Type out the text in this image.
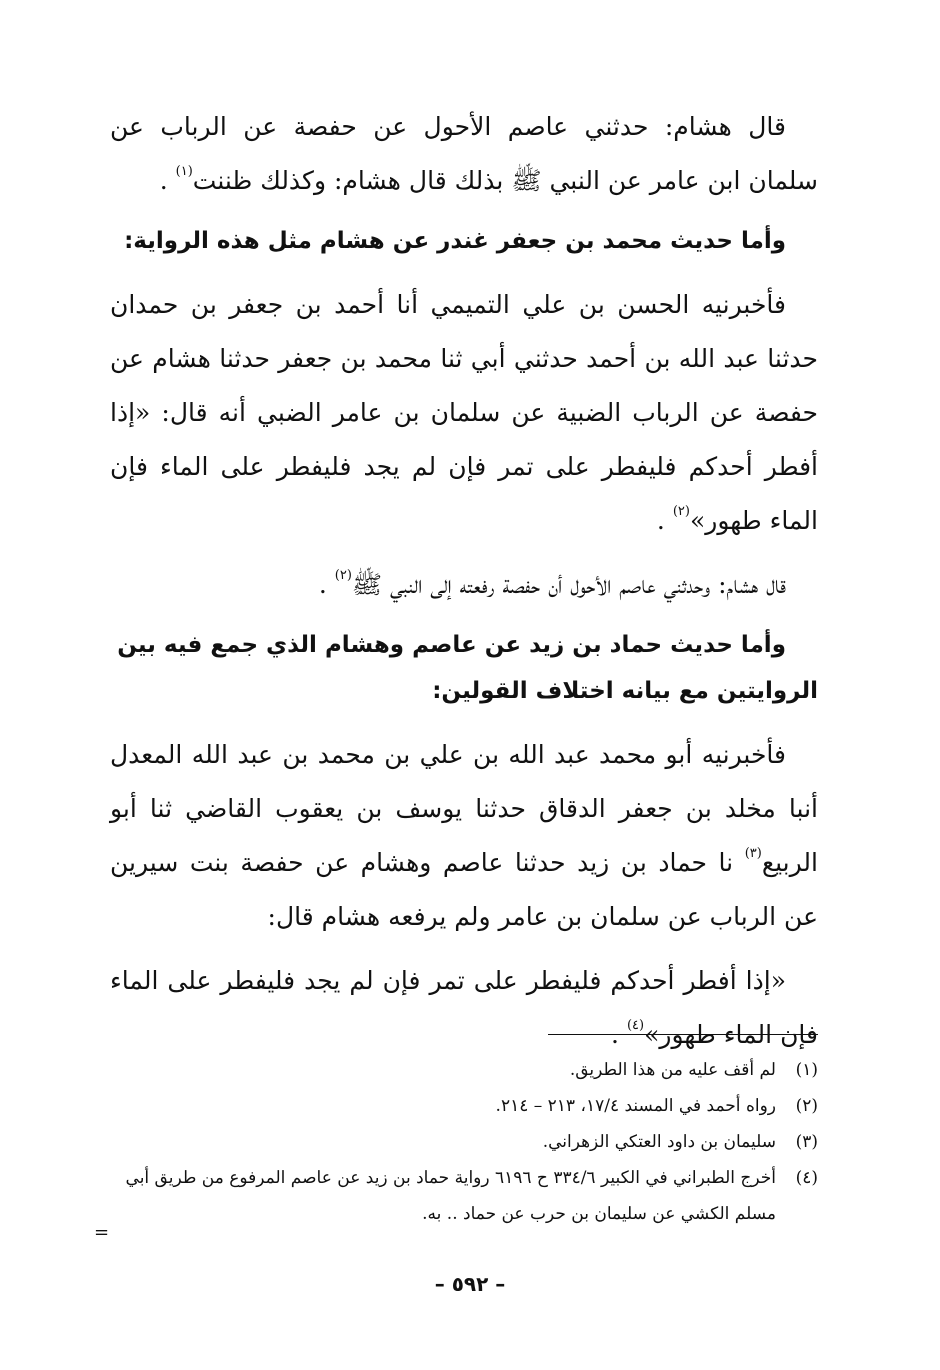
قال هشام: حدثني عاصم الأحول عن حفصة عن الرباب عن سلمان ابن عامر عن النبي ﷺ بذلك قال هشام: وكذلك ظننت$^{(١)}$ .

وأما حديث محمد بن جعفر غندر عن هشام مثل هذه الرواية:

فأخبرنيه الحسن بن علي التميمي أنا أحمد بن جعفر بن حمدان حدثنا عبد الله بن أحمد حدثني أبي ثنا محمد بن جعفر حدثنا هشام عن حفصة عن الرباب الضبية عن سلمان بن عامر الضبي أنه قال: «إذا أفطر أحدكم فليفطر على تمر فإن لم يجد فليفطر على الماء فإن الماء طهور»$^{(٢)}$ .

قال هشام: وحدثني عاصم الأحول أن حفصة رفعته إلى النبي ﷺ$^{(٢)}$ .

وأما حديث حماد بن زيد عن عاصم وهشام الذي جمع فيه بين الروايتين مع بيانه اختلاف القولين:

فأخبرنيه أبو محمد عبد الله بن علي بن محمد بن عبد الله المعدل أنبا مخلد بن جعفر الدقاق حدثنا يوسف بن يعقوب القاضي ثنا أبو الربيع$^{(٣)}$ نا حماد بن زيد حدثنا عاصم وهشام عن حفصة بنت سيرين عن الرباب عن سلمان بن عامر ولم يرفعه هشام قال:

«إذا أفطر أحدكم فليفطر على تمر فإن لم يجد فليفطر على الماء فإن الماء طهور»$^{(٤)}$ .

(١)
لم أقف عليه من هذا الطريق.
(٢)
رواه أحمد في المسند ١٧/٤، ٢١٣ – ٢١٤.
(٣)
سليمان بن داود العتكي الزهراني.
(٤)
أخرج الطبراني في الكبير ٣٣٤/٦ ح ٦١٩٦ رواية حماد بن زيد عن عاصم المرفوع من طريق أبي مسلم الكشي عن سليمان بن حرب عن حماد .. به.
=
– ٥٩٢ –
